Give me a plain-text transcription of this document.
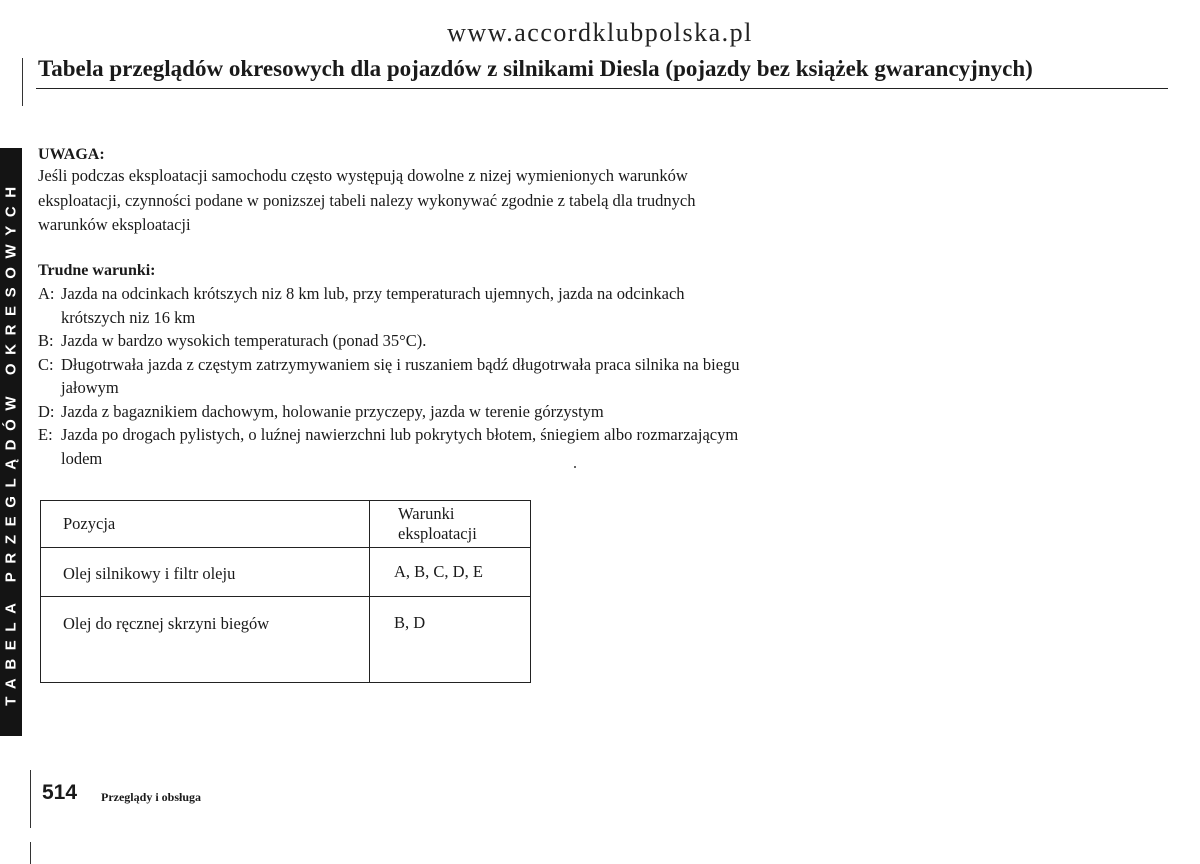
www.accordklubpolska.pl
TABELA PRZEGLĄDÓW OKRESOWYCH
Tabela przeglądów okresowych dla pojazdów z silnikami Diesla (pojazdy bez książek gwarancyjnych)
UWAGA:
Jeśli podczas eksploatacji samochodu często występują dowolne z nizej wymienionych warunków eksploatacji, czynności podane w ponizszej tabeli nalezy wykonywać zgodnie z tabelą dla trudnych warunków eksploatacji
Trudne warunki:
A: Jazda na odcinkach krótszych niz 8 km lub, przy temperaturach ujemnych, jazda na odcinkach krótszych niz 16 km
B: Jazda w bardzo wysokich temperaturach (ponad 35°C).
C: Długotrwała jazda z częstym zatrzymywaniem się i ruszaniem bądź długotrwała praca silnika na biegu jałowym
D: Jazda z bagaznikiem dachowym, holowanie przyczepy, jazda w terenie górzystym
E: Jazda po drogach pylistych, o luźnej nawierzchni lub pokrytych błotem, śniegiem albo rozmarzającym lodem
Pozycja	Warunki eksploatacji
Olej silnikowy i filtr oleju	A, B, C, D, E
Olej do ręcznej skrzyni biegów	B, D
514 Przeglądy i obsługa
